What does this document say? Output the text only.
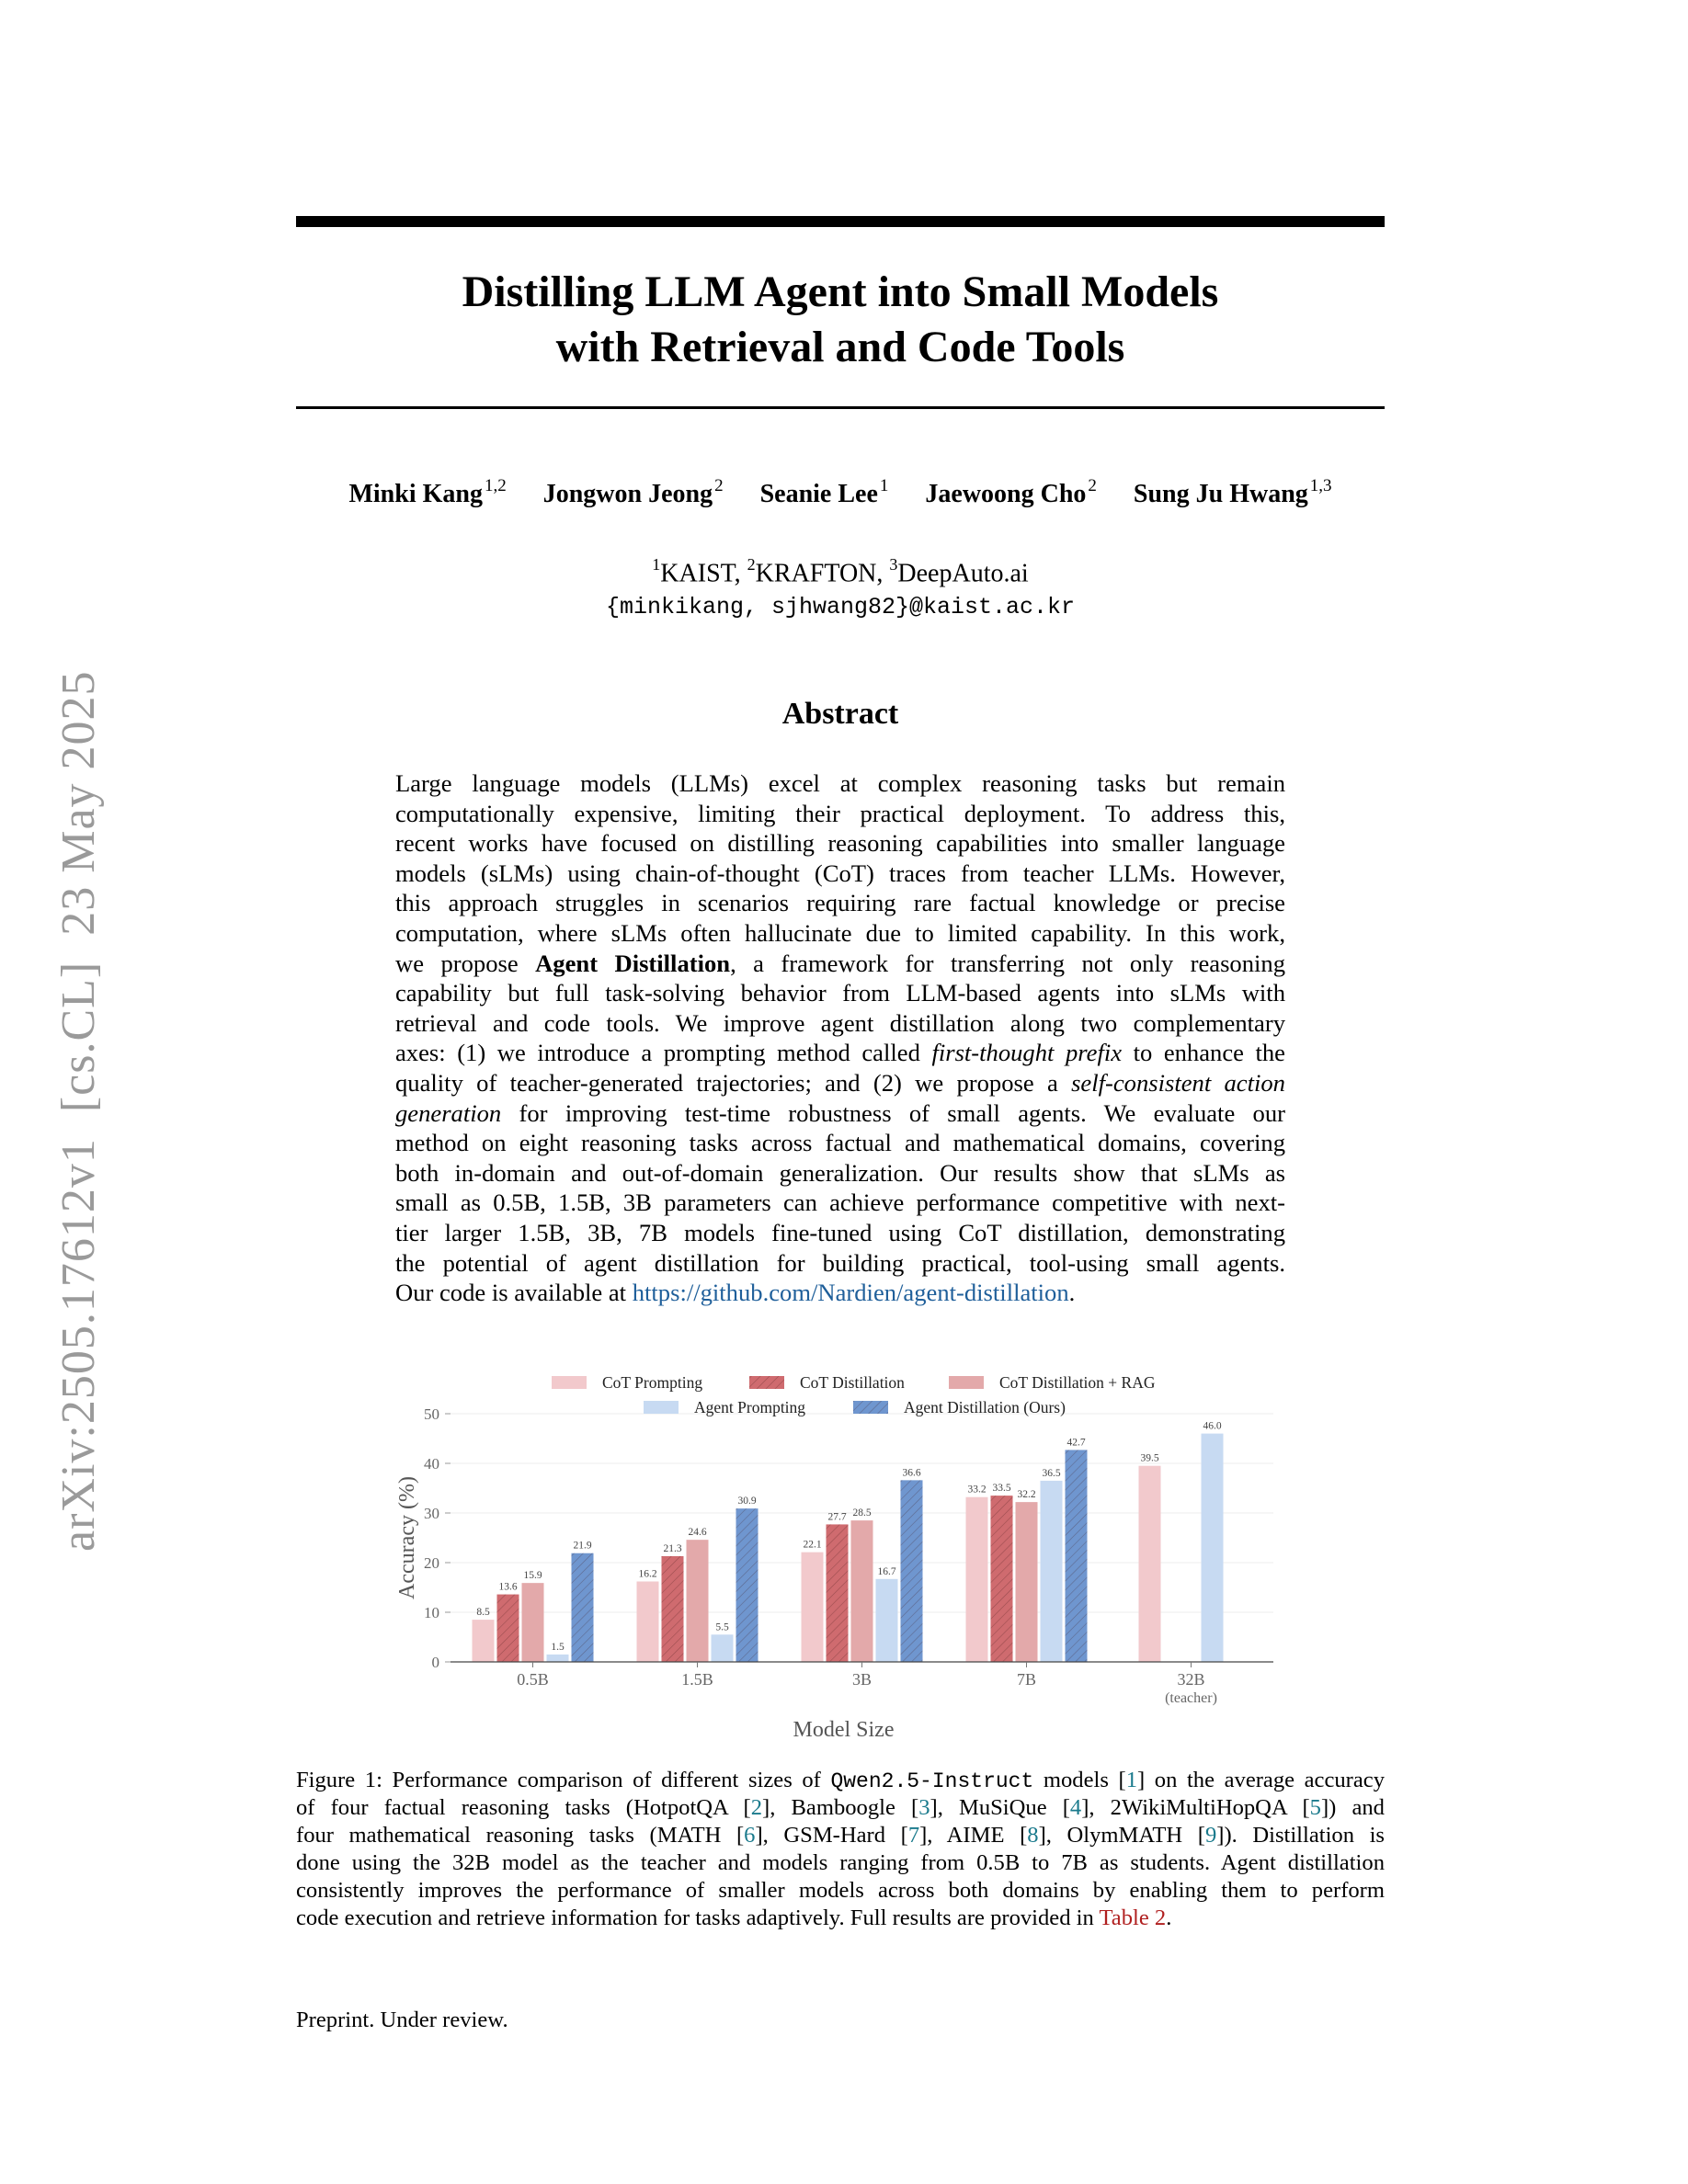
arXiv:2505.17612v1  [cs.CL]  23 May 2025
Distilling LLM Agent into Small Models
with Retrieval and Code Tools
Minki Kang $^{1,2}$ Jongwon Jeong $^2$ Seanie Lee $^1$ Jaewoong Cho $^2$ Sung Ju Hwang $^{1,3}$
$^1$KAIST, $^2$KRAFTON, $^3$DeepAuto.ai
{minkikang, sjhwang82}@kaist.ac.kr
Abstract
Large language models (LLMs) excel at complex reasoning tasks but remain
computationally expensive, limiting their practical deployment. To address this,
recent works have focused on distilling reasoning capabilities into smaller language
models (sLMs) using chain-of-thought (CoT) traces from teacher LLMs. However,
this approach struggles in scenarios requiring rare factual knowledge or precise
computation, where sLMs often hallucinate due to limited capability. In this work,
we propose Agent Distillation, a framework for transferring not only reasoning
capability but full task-solving behavior from LLM-based agents into sLMs with
retrieval and code tools. We improve agent distillation along two complementary
axes: (1) we introduce a prompting method called first-thought prefix to enhance the
quality of teacher-generated trajectories; and (2) we propose a self-consistent action
generation for improving test-time robustness of small agents. We evaluate our
method on eight reasoning tasks across factual and mathematical domains, covering
both in-domain and out-of-domain generalization. Our results show that sLMs as
small as 0.5B, 1.5B, 3B parameters can achieve performance competitive with next-
tier larger 1.5B, 3B, 7B models fine-tuned using CoT distillation, demonstrating
the potential of agent distillation for building practical, tool-using small agents.
Our code is available at https://github.com/Nardien/agent-distillation.
8.5
13.6
15.9
1.5
21.9
16.2
21.3
24.6
5.5
30.9
22.1
27.7 28.5
16.7
36.6
33.2 33.5
32.2
36.5
42.7
39.5
46.0
0
10
20
30
40
50
0.5B	1.5B	3B	7B	32B
(teacher)
Model Size
Accuracy (%)
CoT Prompting	CoT Distillation	CoT Distillation + RAG
Agent Prompting	Agent Distillation (Ours)
Figure 1: Performance comparison of different sizes of Qwen2.5-Instruct models [1] on the average accuracy
of four factual reasoning tasks (HotpotQA [2], Bamboogle [3], MuSiQue [4], 2WikiMultiHopQA [5]) and
four mathematical reasoning tasks (MATH [6], GSM-Hard [7], AIME [8], OlymMATH [9]). Distillation is
done using the 32B model as the teacher and models ranging from 0.5B to 7B as students. Agent distillation
consistently improves the performance of smaller models across both domains by enabling them to perform
code execution and retrieve information for tasks adaptively. Full results are provided in Table 2.
Preprint. Under review.
